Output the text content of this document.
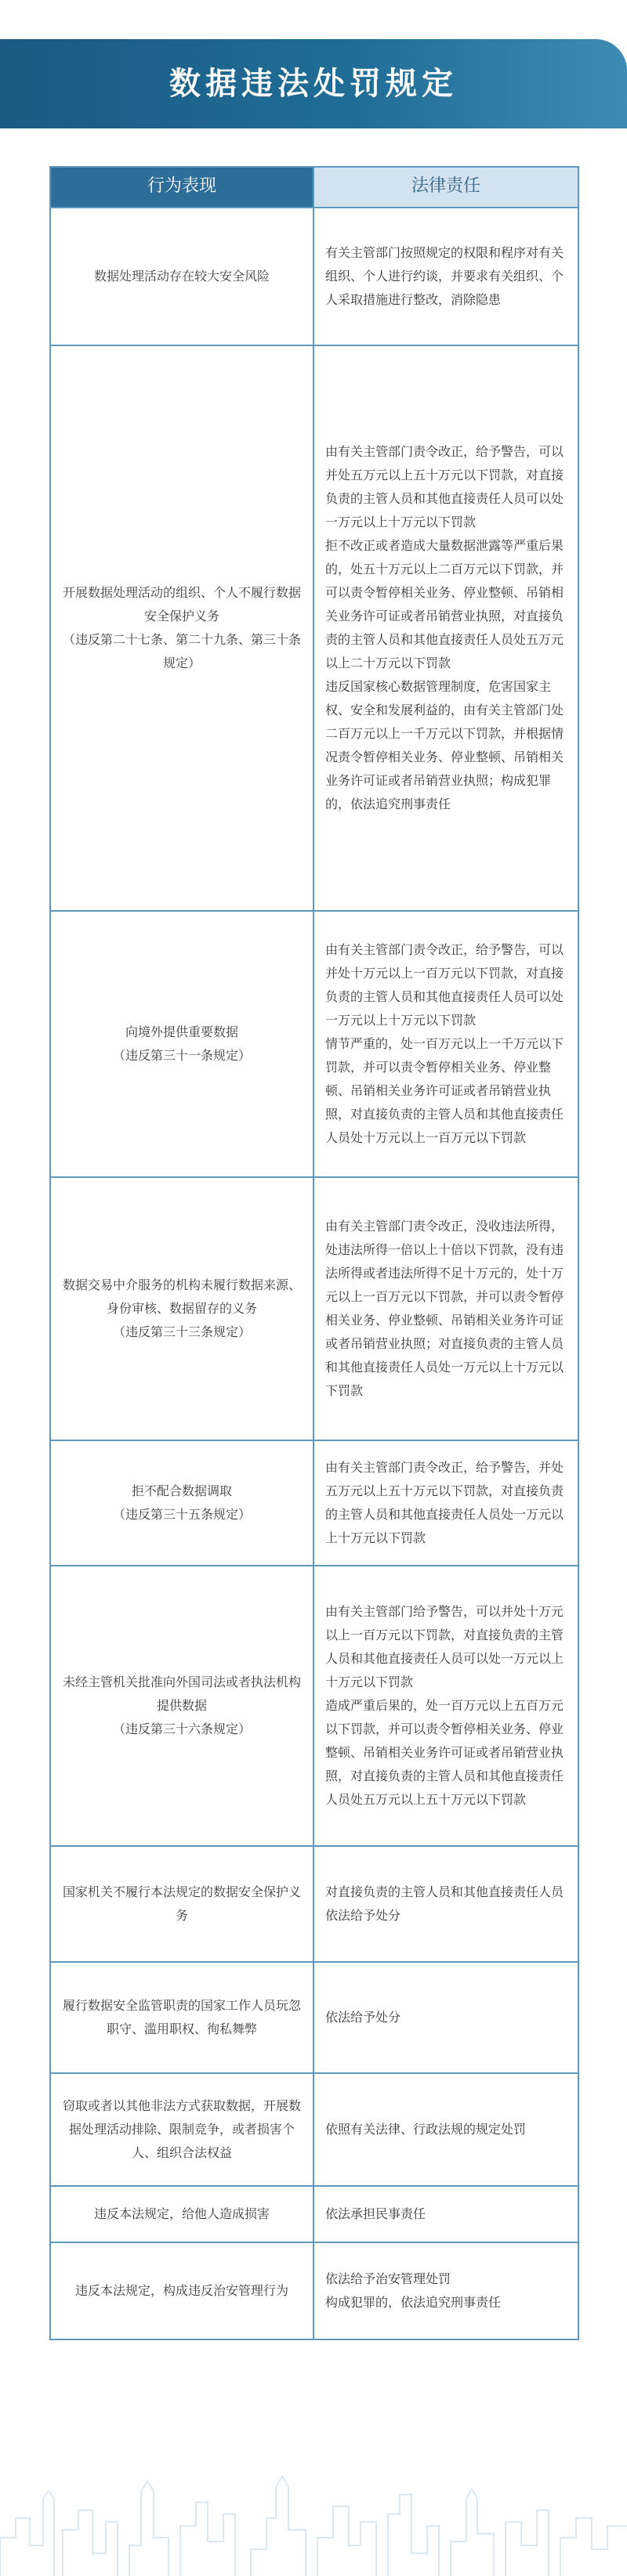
数据违法处罚规定
行为表现	法律责任
数据处理活动存在较大安全风险

有关主管部门按照规定的权限和程序对有关组织、个人进行约谈，并要求有关组织、个人采取措施进行整改，消除隐患

开展数据处理活动的组织、个人不履行数据安全保护义务
（违反第二十七条、第二十九条、第三十条规定）

由有关主管部门责令改正，给予警告，可以并处五万元以上五十万元以下罚款，对直接负责的主管人员和其他直接责任人员可以处一万元以上十万元以下罚款

拒不改正或者造成大量数据泄露等严重后果的，处五十万元以上二百万元以下罚款，并可以责令暂停相关业务、停业整顿、吊销相关业务许可证或者吊销营业执照，对直接负责的主管人员和其他直接责任人员处五万元以上二十万元以下罚款

违反国家核心数据管理制度，危害国家主权、安全和发展利益的，由有关主管部门处二百万元以上一千万元以下罚款，并根据情况责令暂停相关业务、停业整顿、吊销相关业务许可证或者吊销营业执照；构成犯罪的，依法追究刑事责任

向境外提供重要数据
（违反第三十一条规定）

由有关主管部门责令改正，给予警告，可以并处十万元以上一百万元以下罚款，对直接负责的主管人员和其他直接责任人员可以处一万元以上十万元以下罚款

情节严重的，处一百万元以上一千万元以下罚款，并可以责令暂停相关业务、停业整顿、吊销相关业务许可证或者吊销营业执照，对直接负责的主管人员和其他直接责任人员处十万元以上一百万元以下罚款

数据交易中介服务的机构未履行数据来源、身份审核、数据留存的义务
（违反第三十三条规定）

由有关主管部门责令改正，没收违法所得，处违法所得一倍以上十倍以下罚款，没有违法所得或者违法所得不足十万元的，处十万元以上一百万元以下罚款，并可以责令暂停相关业务、停业整顿、吊销相关业务许可证或者吊销营业执照；对直接负责的主管人员和其他直接责任人员处一万元以上十万元以下罚款

拒不配合数据调取
（违反第三十五条规定）

由有关主管部门责令改正，给予警告，并处五万元以上五十万元以下罚款，对直接负责的主管人员和其他直接责任人员处一万元以上十万元以下罚款

未经主管机关批准向外国司法或者执法机构提供数据
（违反第三十六条规定）

由有关主管部门给予警告，可以并处十万元以上一百万元以下罚款，对直接负责的主管人员和其他直接责任人员可以处一万元以上十万元以下罚款

造成严重后果的，处一百万元以上五百万元以下罚款，并可以责令暂停相关业务、停业整顿、吊销相关业务许可证或者吊销营业执照，对直接负责的主管人员和其他直接责任人员处五万元以上五十万元以下罚款

国家机关不履行本法规定的数据安全保护义务

对直接负责的主管人员和其他直接责任人员依法给予处分

履行数据安全监管职责的国家工作人员玩忽职守、滥用职权、徇私舞弊

依法给予处分

窃取或者以其他非法方式获取数据，开展数据处理活动排除、限制竞争，或者损害个人、组织合法权益

依照有关法律、行政法规的规定处罚

违反本法规定，给他人造成损害	依法承担民事责任

违反本法规定，构成违反治安管理行为

依法给予治安管理处罚

构成犯罪的，依法追究刑事责任
